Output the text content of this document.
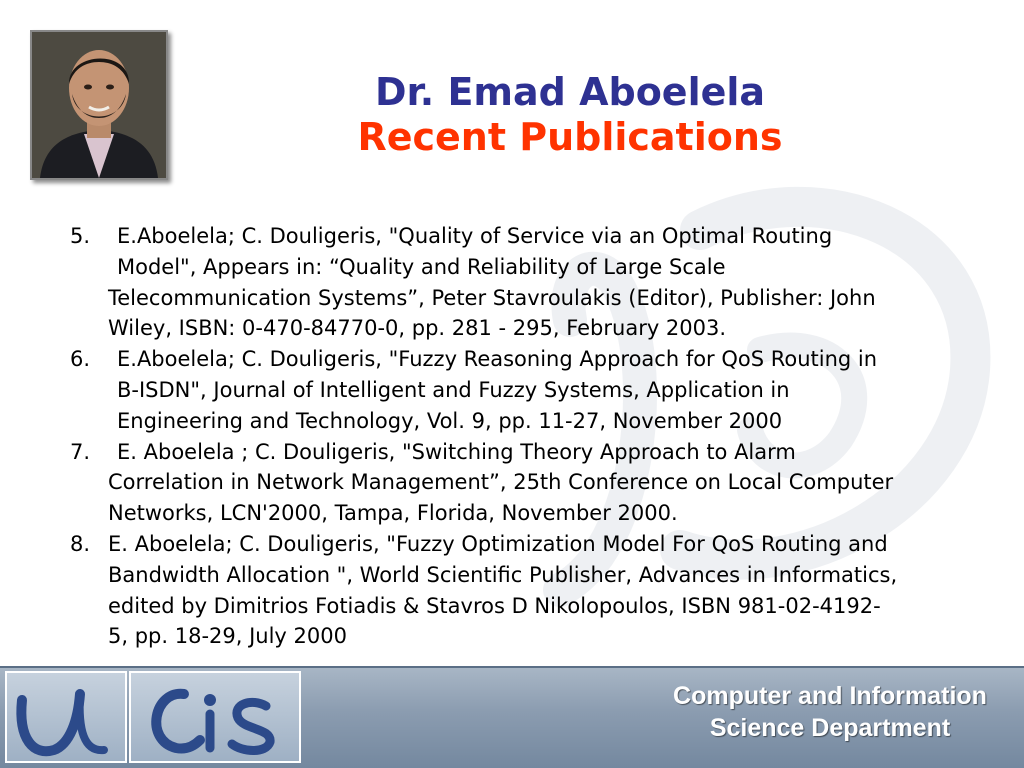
Dr. Emad Aboelela
Recent Publications
5.	E.Aboelela; C. Douligeris, "Quality of Service via an Optimal Routing
Model", Appears in: “Quality and Reliability of Large Scale
Telecommunication Systems”, Peter Stavroulakis (Editor), Publisher: John
Wiley, ISBN: 0-470-84770-0, pp. 281 - 295, February 2003.
6.	E.Aboelela; C. Douligeris, "Fuzzy Reasoning Approach for QoS Routing in
B-ISDN", Journal of Intelligent and Fuzzy Systems, Application in
Engineering and Technology, Vol. 9, pp. 11-27, November 2000
7.	E. Aboelela ; C. Douligeris, "Switching Theory Approach to Alarm
Correlation in Network Management”, 25th Conference on Local Computer
Networks, LCN'2000, Tampa, Florida, November 2000.
8. E. Aboelela; C. Douligeris, "Fuzzy Optimization Model For QoS Routing and
Bandwidth Allocation ", World Scientific Publisher, Advances in Informatics,
edited by Dimitrios Fotiadis & Stavros D Nikolopoulos, ISBN 981-02-4192-
5, pp. 18-29, July 2000
Computer and Information
Science Department
